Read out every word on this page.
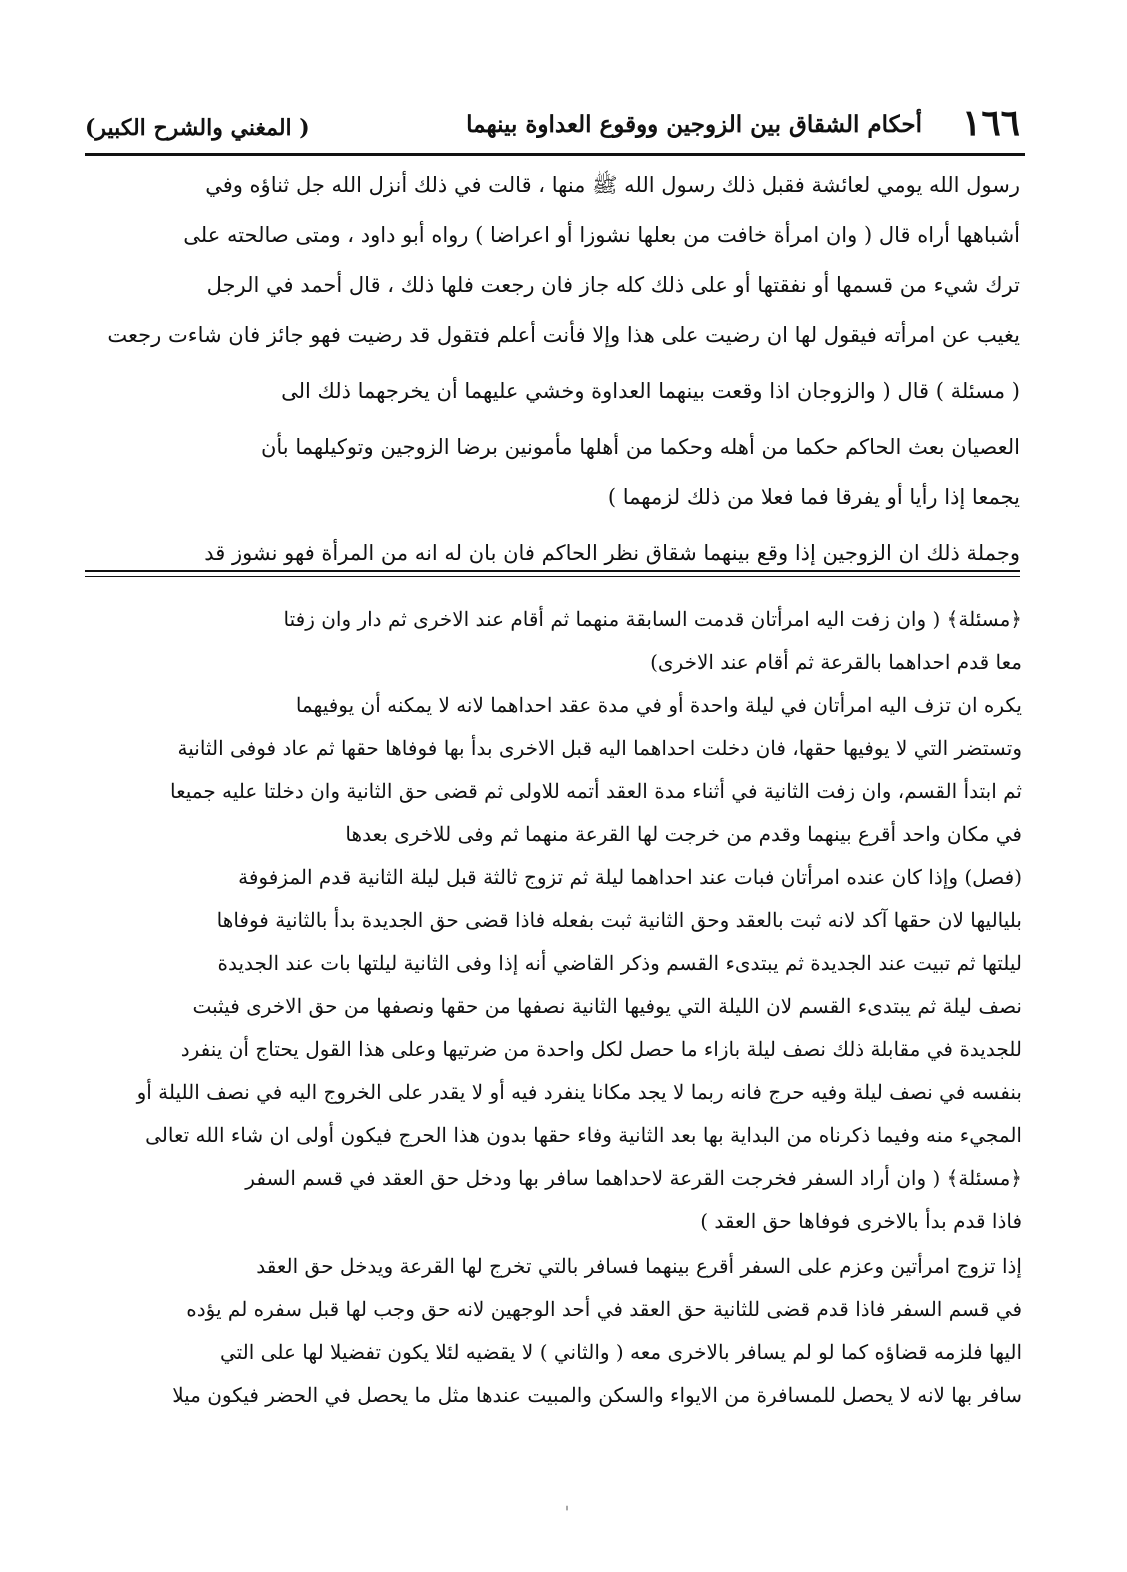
١٦٦
أحكام الشقاق بين الزوجين ووقوع العداوة بينهما
( المغني والشرح الكبير)
رسول الله يومي لعائشة فقبل ذلك رسول الله ﷺ منها ، قالت في ذلك أنزل الله جل ثناؤه وفي
أشباهها أراه قال ( وان امرأة خافت من بعلها نشوزا أو اعراضا ) رواه أبو داود ، ومتى صالحته على
ترك شيء من قسمها أو نفقتها أو على ذلك كله جاز فان رجعت فلها ذلك ، قال أحمد في الرجل
يغيب عن امرأته فيقول لها ان رضيت على هذا وإلا فأنت أعلم فتقول قد رضيت فهو جائز فان شاءت رجعت
( مسئلة ) قال ( والزوجان اذا وقعت بينهما العداوة وخشي عليهما أن يخرجهما ذلك الى
العصيان بعث الحاكم حكما من أهله وحكما من أهلها مأمونين برضا الزوجين وتوكيلهما بأن
يجمعا إذا رأيا أو يفرقا فما فعلا من ذلك لزمهما )
وجملة ذلك ان الزوجين إذا وقع بينهما شقاق نظر الحاكم فان بان له انه من المرأة فهو نشوز قد
﴿مسئلة﴾ ( وان زفت اليه امرأتان قدمت السابقة منهما ثم أقام عند الاخرى ثم دار وان زفتا
معا قدم احداهما بالقرعة ثم أقام عند الاخرى)
يكره ان تزف اليه امرأتان في ليلة واحدة أو في مدة عقد احداهما لانه لا يمكنه أن يوفيهما
وتستضر التي لا يوفيها حقها، فان دخلت احداهما اليه قبل الاخرى بدأ بها فوفاها حقها ثم عاد فوفى الثانية
ثم ابتدأ القسم، وان زفت الثانية في أثناء مدة العقد أتمه للاولى ثم قضى حق الثانية وان دخلتا عليه جميعا
في مكان واحد أقرع بينهما وقدم من خرجت لها القرعة منهما ثم وفى للاخرى بعدها
(فصل) وإذا كان عنده امرأتان فبات عند احداهما ليلة ثم تزوج ثالثة قبل ليلة الثانية قدم المزفوفة
بلياليها لان حقها آكد لانه ثبت بالعقد وحق الثانية ثبت بفعله فاذا قضى حق الجديدة بدأ بالثانية فوفاها
ليلتها ثم تبيت عند الجديدة ثم يبتدىء القسم وذكر القاضي أنه إذا وفى الثانية ليلتها بات عند الجديدة
نصف ليلة ثم يبتدىء القسم لان الليلة التي يوفيها الثانية نصفها من حقها ونصفها من حق الاخرى فيثبت
للجديدة في مقابلة ذلك نصف ليلة بازاء ما حصل لكل واحدة من ضرتيها وعلى هذا القول يحتاج أن ينفرد
بنفسه في نصف ليلة وفيه حرج فانه ربما لا يجد مكانا ينفرد فيه أو لا يقدر على الخروج اليه في نصف الليلة أو
المجيء منه وفيما ذكرناه من البداية بها بعد الثانية وفاء حقها بدون هذا الحرج فيكون أولى ان شاء الله تعالى
﴿مسئلة﴾ ( وان أراد السفر فخرجت القرعة لاحداهما سافر بها ودخل حق العقد في قسم السفر
فاذا قدم بدأ بالاخرى فوفاها حق العقد )
إذا تزوج امرأتين وعزم على السفر أقرع بينهما فسافر بالتي تخرج لها القرعة ويدخل حق العقد
في قسم السفر فاذا قدم قضى للثانية حق العقد في أحد الوجهين لانه حق وجب لها قبل سفره لم يؤده
اليها فلزمه قضاؤه كما لو لم يسافر بالاخرى معه ( والثاني ) لا يقضيه لئلا يكون تفضيلا لها على التي
سافر بها لانه لا يحصل للمسافرة من الايواء والسكن والمبيت عندها مثل ما يحصل في الحضر فيكون ميلا
